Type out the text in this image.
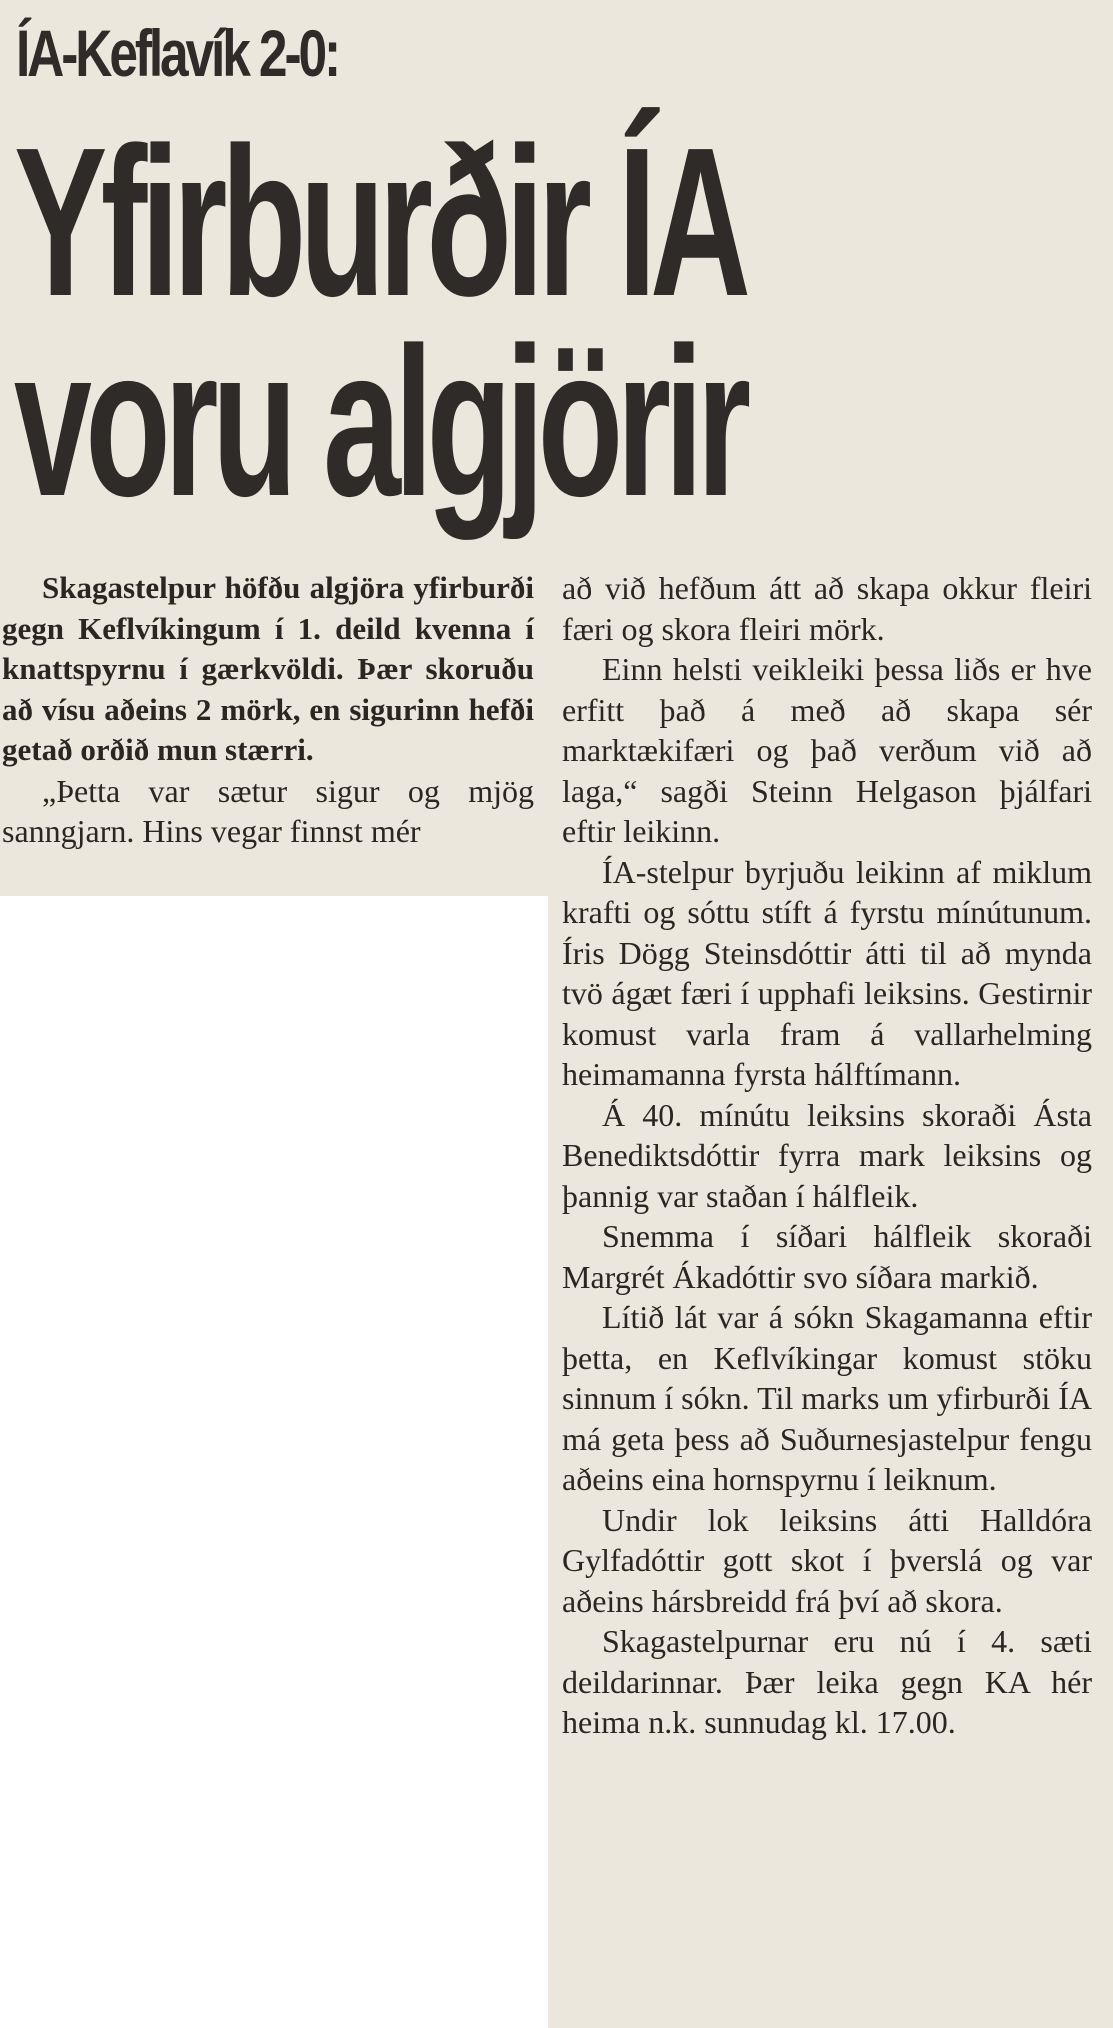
ÍA-Keflavík 2-0:
Yfirburðir ÍA
voru algjörir

Skagastelpur höfðu algjöra yfirburði gegn Keflvíkingum í 1. deild kvenna í knattspyrnu í gærkvöldi. Þær skoruðu að vísu aðeins 2 mörk, en sigurinn hefði getað orðið mun stærri.

„Þetta var sætur sigur og mjög sanngjarn. Hins vegar finnst mér

að við hefðum átt að skapa okkur fleiri færi og skora fleiri mörk.

Einn helsti veikleiki þessa liðs er hve erfitt það á með að skapa sér marktækifæri og það verðum við að laga,“ sagði Steinn Helgason þjálfari eftir leikinn.

ÍA-stelpur byrjuðu leikinn af miklum krafti og sóttu stíft á fyrstu mínútunum. Íris Dögg Steinsdóttir átti til að mynda tvö ágæt færi í upphafi leiksins. Gestirnir komust varla fram á vallarhelming heimamanna fyrsta hálftímann.

Á 40. mínútu leiksins skoraði Ásta Benediktsdóttir fyrra mark leiksins og þannig var staðan í hálfleik.

Snemma í síðari hálfleik skoraði Margrét Ákadóttir svo síðara markið.

Lítið lát var á sókn Skagamanna eftir þetta, en Keflvíkingar komust stöku sinnum í sókn. Til marks um yfirburði ÍA má geta þess að Suðurnesjastelpur fengu aðeins eina hornspyrnu í leiknum.

Undir lok leiksins átti Halldóra Gylfadóttir gott skot í þverslá og var aðeins hársbreidd frá því að skora.

Skagastelpurnar eru nú í 4. sæti deildarinnar. Þær leika gegn KA hér heima n.k. sunnudag kl. 17.00.
